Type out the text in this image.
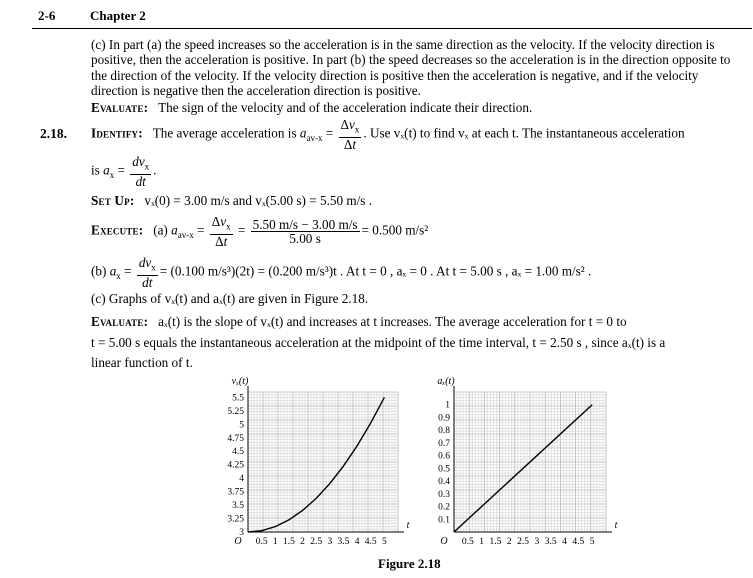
2-6	Chapter 2
(c) In part (a) the speed increases so the acceleration is in the same direction as the velocity. If the velocity direction is positive, then the acceleration is positive. In part (b) the speed decreases so the acceleration is in the direction opposite to the direction of the velocity. If the velocity direction is positive then the acceleration is negative, and if the velocity direction is negative then the acceleration direction is positive.
Evaluate: The sign of the velocity and of the acceleration indicate their direction.
2.18. Identify: The average acceleration is $a_{av-x} = \frac{\Delta v_x}{\Delta t}$ . Use vₓ(t) to find vₓ at each t. The instantaneous acceleration
is $a_x = \frac{dv_x}{dt}$ .
Set Up: vₓ(0) = 3.00 m/s and vₓ(5.00 s) = 5.50 m/s .
Execute: (a) $a_{av-x} = \frac{\Delta v_x}{\Delta t} = \frac{5.50 m/s - 3.00 m/s}{5.00 s} = 0.500$ m/s²
(b) $a_x = \frac{dv_x}{dt} = (0.100$ m/s³)(2t) = (0.200 m/s³)t . At t = 0 , aₓ = 0 . At t = 5.00 s , aₓ = 1.00 m/s² .
(c) Graphs of vₓ(t) and aₓ(t) are given in Figure 2.18.
Evaluate: aₓ(t) is the slope of vₓ(t) and increases at t increases. The average acceleration for t = 0 to
t = 5.00 s equals the instantaneous acceleration at the midpoint of the time interval, t = 2.50 s , since aₓ(t) is a
linear function of t.
0.5 1 1.5 2 2.5 3 3.5 4 4.5 5
3
3.25
3.5
3.75
4
4.25
4.5
4.75
5
5.25
5.5
O
vₓ(t)
t
0.5 1 1.5 2 2.5 3 3.5 4 4.5 5
0.1
0.2
0.3
0.4
0.5
0.6
0.7
0.8
0.9
1
O
aₓ(t)
t
Figure 2.18
